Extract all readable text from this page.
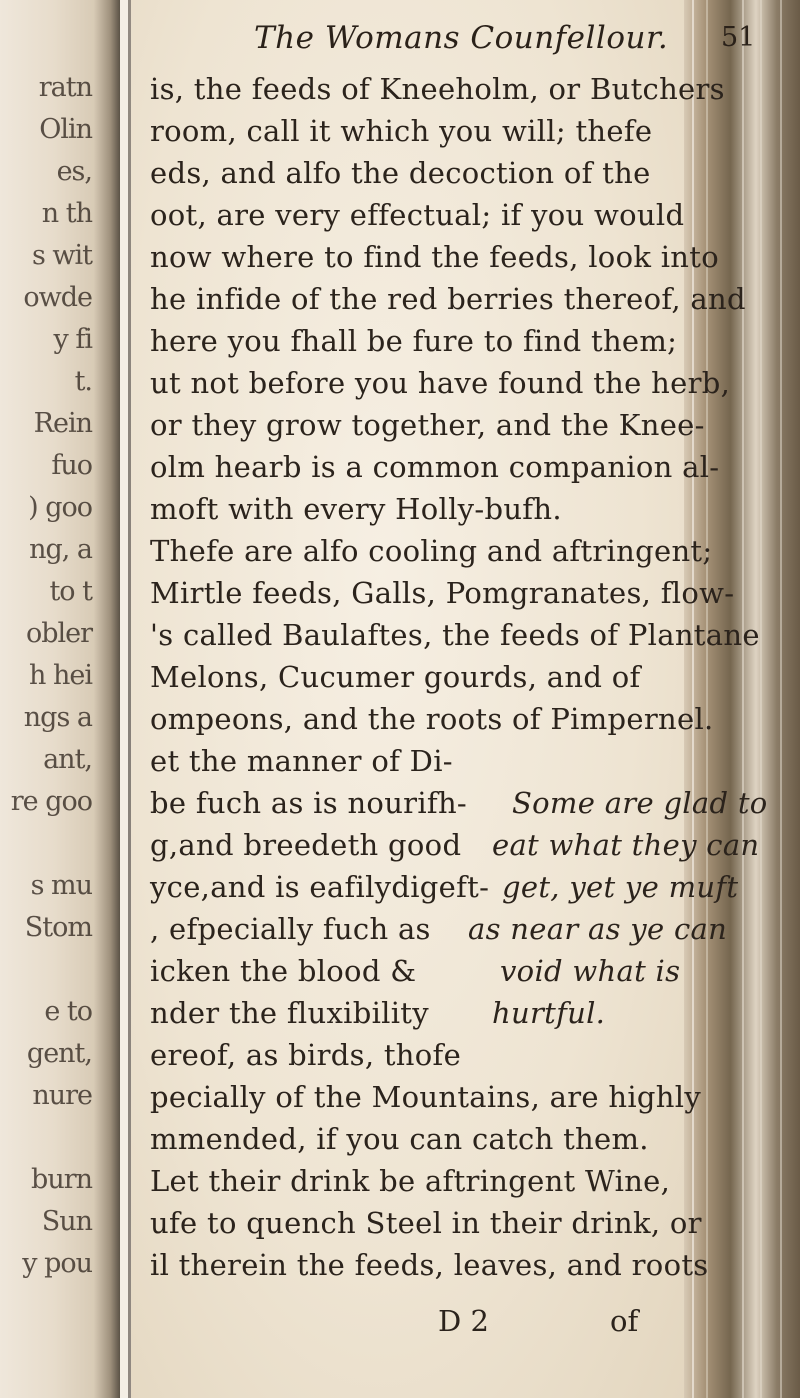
ratn
Olin
es,
n th
s wit
owde
y fi
t.
Rein
fuo
) goo
ng, a
to t
obler
h hei
ngs a
ant,
re goo
s mu
Stom
e to
gent,
nure
burn
Sun
y pou
The Womans Counfellour. 51
is, the feeds of Kneeholm, or Butchers
room, call it which you will; thefe
eds, and alfo the decoction of the
oot, are very effectual; if you would
now where to find the feeds, look into
he infide of the red berries thereof, and
here you fhall be fure to find them;
ut not before you have found the herb,
or they grow together, and the Knee-
olm hearb is a common companion al-
moft with every Holly-bufh.
Thefe are alfo cooling and aftringent;
Mirtle feeds, Galls, Pomgranates, flow-
's called Baulaftes, the feeds of Plantane
Melons, Cucumer gourds, and of
ompeons, and the roots of Pimpernel.
et the manner of Di-
be fuch as is nourifh-
g,and breedeth good
yce,and is eafilydigeft-
, efpecially fuch as
icken the blood &
nder the fluxibility
ereof, as birds, thofe
Some are glad to
eat what they can
get, yet ye muft
as near as ye can
void what is
hurtful.
pecially of the Mountains, are highly
mmended, if you can catch them.
Let their drink be aftringent Wine,
ufe to quench Steel in their drink, or
il therein the feeds, leaves, and roots
D 2	of
